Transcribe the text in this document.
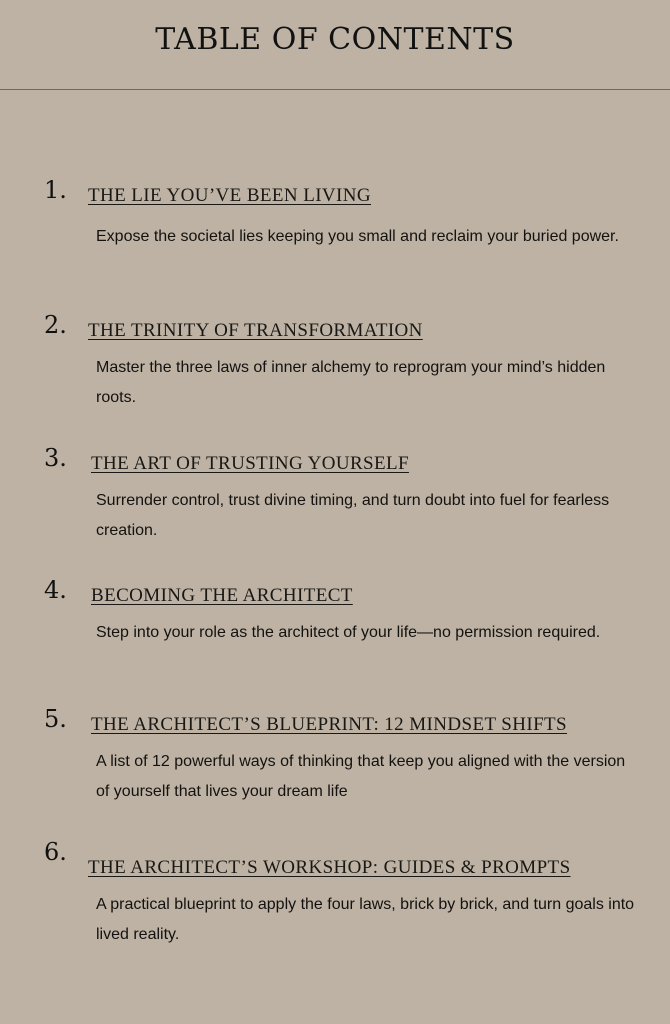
TABLE OF CONTENTS
1. THE LIE YOU’VE BEEN LIVING

Expose the societal lies keeping you small and reclaim your buried power.

2. THE TRINITY OF TRANSFORMATION

Master the three laws of inner alchemy to reprogram your mind’s hidden roots.

3. THE ART OF TRUSTING YOURSELF

Surrender control, trust divine timing, and turn doubt into fuel for fearless creation.

4. BECOMING THE ARCHITECT

Step into your role as the architect of your life—no permission required.

5. THE ARCHITECT’S BLUEPRINT: 12 MINDSET SHIFTS

A list of 12 powerful ways of thinking that keep you aligned with the version of yourself that lives your dream life

6.
THE ARCHITECT’S WORKSHOP: GUIDES & PROMPTS

A practical blueprint to apply the four laws, brick by brick, and turn goals into lived reality.
